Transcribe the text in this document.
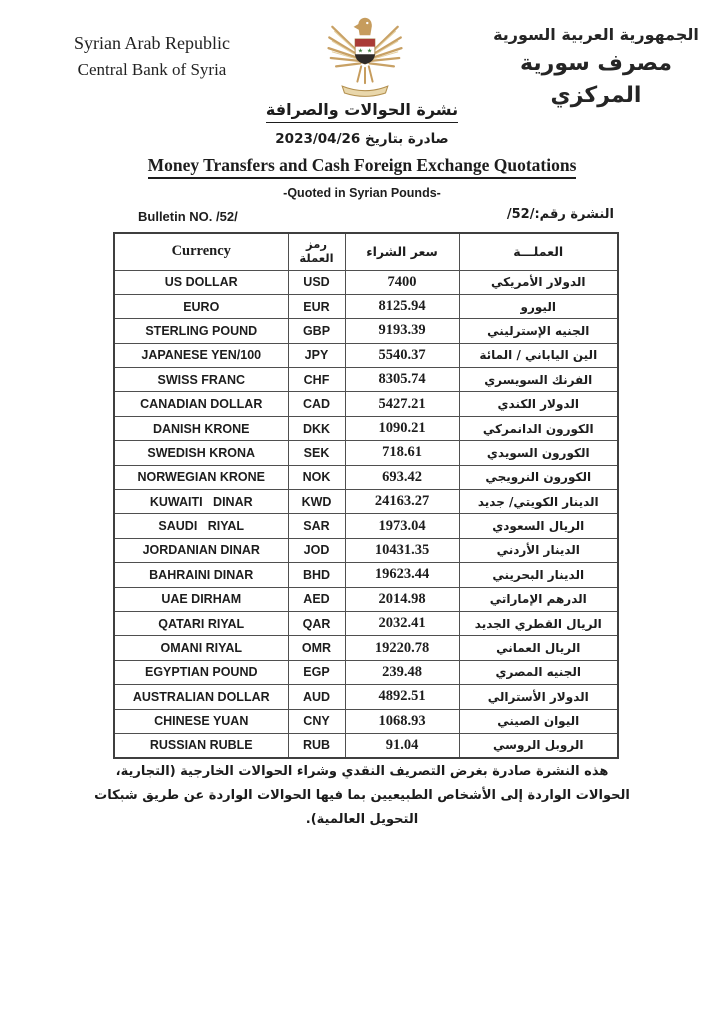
Syrian Arab Republic
Central Bank of Syria
★ ★
الجمهورية العربية السورية
مصرف سورية المركزي
نشرة الحوالات والصرافة
صادرة بتاريخ 2023/04/26
Money Transfers and Cash Foreign Exchange Quotations
-Quoted in Syrian Pounds-
Bulletin NO. /52/	النشرة رقم:/52/
Currency	رمز العملة	سعر الشراء	العملـــة
US DOLLAR	USD	7400	الدولار الأمريكي
EURO	EUR	8125.94	اليورو
STERLING POUND	GBP	9193.39	الجنيه الإسترليني
JAPANESE YEN/100	JPY	5540.37	الين الياباني / المائة
SWISS FRANC	CHF	8305.74	الفرنك السويسري
CANADIAN DOLLAR	CAD	5427.21	الدولار الكندي
DANISH KRONE	DKK	1090.21	الكورون الدانمركي
SWEDISH KRONA	SEK	718.61	الكورون السويدي
NORWEGIAN KRONE	NOK	693.42	الكورون النرويجي
KUWAITI   DINAR	KWD	24163.27	الدينار الكويتي/ جديد
SAUDI   RIYAL	SAR	1973.04	الريال السعودي
JORDANIAN DINAR	JOD	10431.35	الدينار الأردني
BAHRAINI DINAR	BHD	19623.44	الدينار البحريني
UAE DIRHAM	AED	2014.98	الدرهم الإماراتي
QATARI RIYAL	QAR	2032.41	الريال القطري الجديد
OMANI RIYAL	OMR	19220.78	الريال العماني
EGYPTIAN POUND	EGP	239.48	الجنيه المصري
AUSTRALIAN DOLLAR	AUD	4892.51	الدولار الأسترالي
CHINESE YUAN	CNY	1068.93	اليوان الصيني
RUSSIAN RUBLE	RUB	91.04	الروبل الروسي
هذه النشرة صادرة بغرض التصريف النقدي وشراء الحوالات الخارجية (التجارية، الحوالات الواردة إلى الأشخاص الطبيعيين بما فيها الحوالات الواردة عن طريق شبكات التحويل العالمية).
